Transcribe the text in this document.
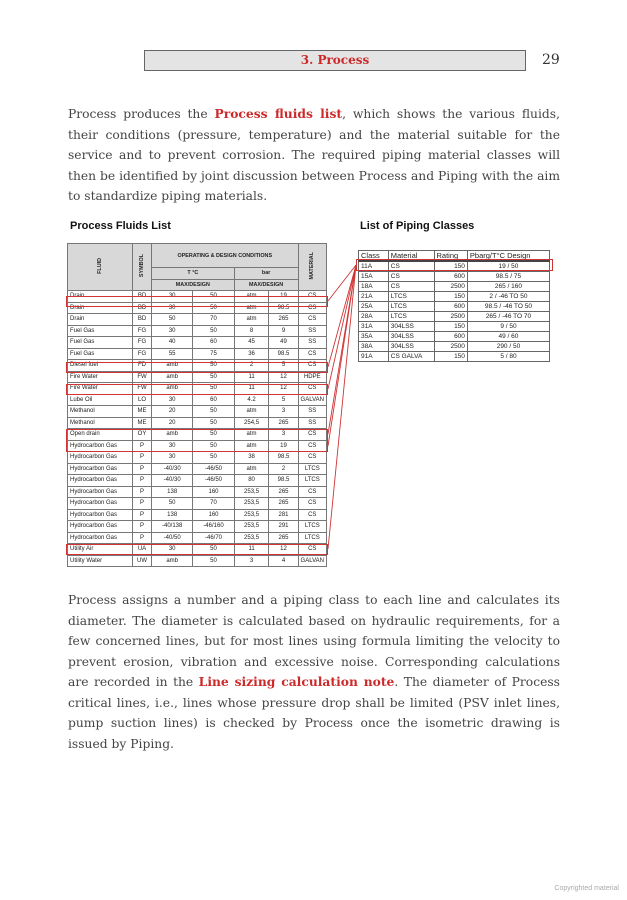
3. Process	29

Process produces the Process fluids list, which shows the various fluids, their conditions (pressure, temperature) and the material suitable for the service and to prevent corrosion. The required piping material classes will then be identified by joint discussion between Process and Piping with the aim to standardize piping materials.

Process Fluids List	List of Piping Classes
FLUID	SYMBOL	OPERATING & DESIGN CONDITIONS				MATERIAL
		T °C		bar		
		MAX/DESIGN		MAX/DESIGN		
Drain	BD	30	50	atm	19	CS
Drain	BD	30	50	atm	98.5	CS
Drain	BD	50	70	atm	265	CS
Fuel Gas	FG	30	50	8	9	SS
Fuel Gas	FG	40	60	45	49	SS
Fuel Gas	FG	55	75	36	98.5	CS
Diesel fuel	FD	amb	50	2	5	CS
Fire Water	FW	amb	50	11	12	HDPE
Fire Water	FW	amb	50	11	12	CS
Lube Oil	LO	30	60	4.2	5	GALVAN
Methanol	ME	20	50	atm	3	SS
Methanol	ME	20	50	254,5	265	SS
Open drain	OY	amb	50	atm	3	CS
Hydrocarbon Gas	P	30	50	atm	19	CS
Hydrocarbon Gas	P	30	50	38	98.5	CS
Hydrocarbon Gas	P	-40/30	-46/50	atm	2	LTCS
Hydrocarbon Gas	P	-40/30	-46/50	80	98.5	LTCS
Hydrocarbon Gas	P	138	160	253,5	265	CS
Hydrocarbon Gas	P	50	70	253,5	265	CS
Hydrocarbon Gas	P	138	160	253,5	281	CS
Hydrocarbon Gas	P	-40/138	-46/160	253,5	291	LTCS
Hydrocarbon Gas	P	-40/50	-46/70	253,5	265	LTCS
Utility Air	UA	30	50	11	12	CS
Utility Water	UW	amb	50	3	4	GALVAN
Class	Material	Rating	Pbarg/T°C Design
11A	CS	150	19 / 50
15A	CS	600	98.5 / 75
18A	CS	2500	265 / 160
21A	LTCS	150	2 / -46 TO 50
25A	LTCS	600	98.5 / -46 TO 50
28A	LTCS	2500	265 / -46 TO 70
31A	304LSS	150	9 / 50
35A	304LSS	600	49 / 60
38A	304LSS	2500	290 / 50
91A	CS GALVA	150	5 / 80

Process assigns a number and a piping class to each line and calculates its diameter. The diameter is calculated based on hydraulic requirements, for a few concerned lines, but for most lines using formula limiting the velocity to prevent erosion, vibration and excessive noise. Corresponding calculations are recorded in the Line sizing calculation note. The diameter of Process critical lines, i.e., lines whose pressure drop shall be limited (PSV inlet lines, pump suction lines) is checked by Process once the isometric drawing is issued by Piping.

Copyrighted material
